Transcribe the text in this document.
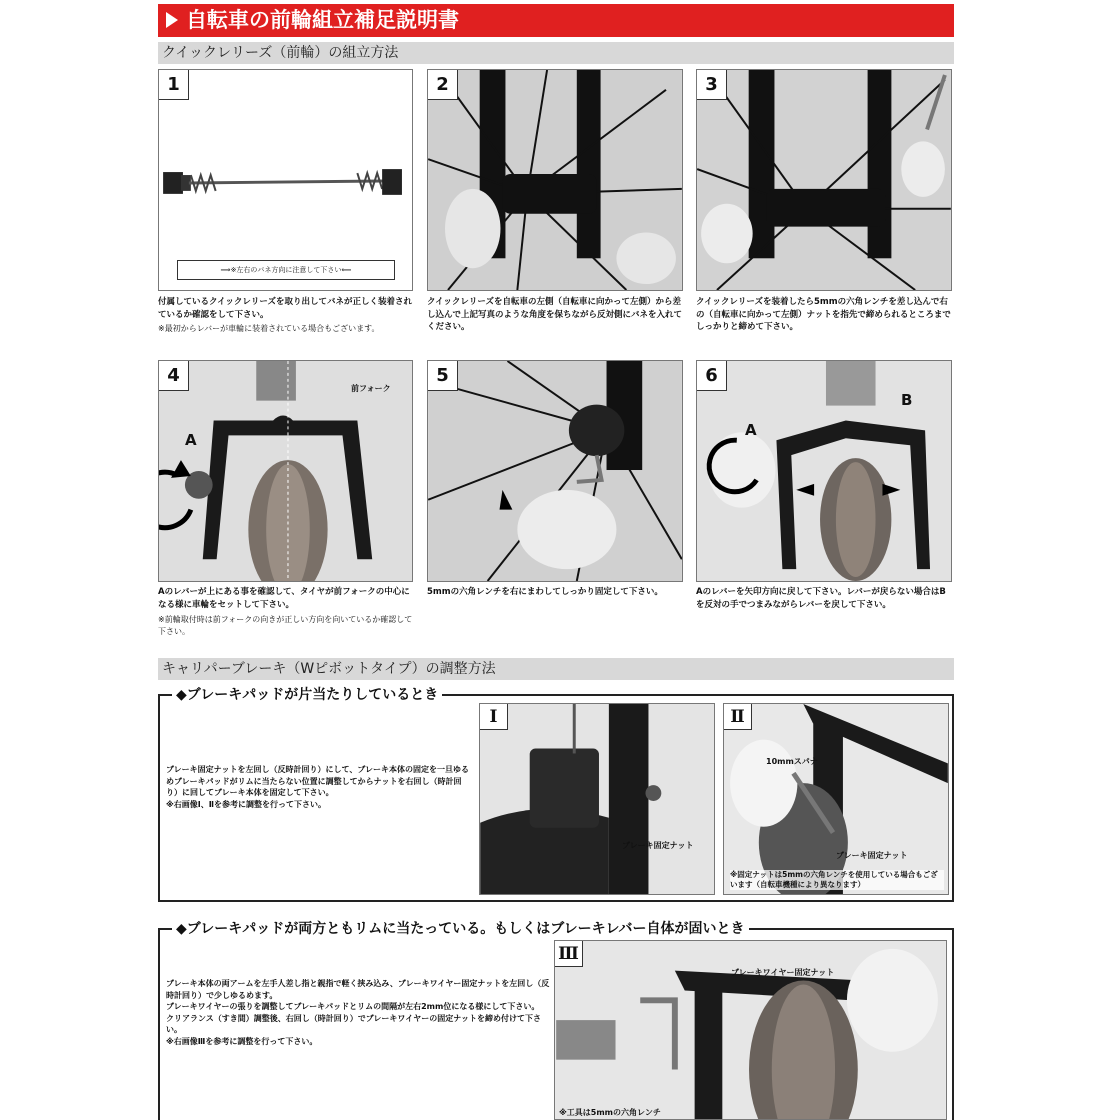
自転車の前輪組立補足説明書
クイックレリーズ（前輪）の組立方法
1
⟹※左右のバネ方向に注意して下さい⟸
付属しているクイックレリーズを取り出してバネが正しく装着されているか確認をして下さい。
※最初からレバーが車輪に装着されている場合もございます。
2
クイックレリーズを自転車の左側（自転車に向かって左側）から差し込んで上記写真のような角度を保ちながら反対側にバネを入れてください。
3
クイックレリーズを装着したら5mmの六角レンチを差し込んで右の（自転車に向かって左側）ナットを指先で締められるところまでしっかりと締めて下さい。
4
前フォーク
A
Aのレバーが上にある事を確認して、タイヤが前フォークの中心になる様に車輪をセットして下さい。
※前輪取付時は前フォークの向きが正しい方向を向いているか確認して下さい。
5
5mmの六角レンチを右にまわしてしっかり固定して下さい。
6
A
B
Aのレバーを矢印方向に戻して下さい。レバーが戻らない場合はBを反対の手でつまみながらレバーを戻して下さい。
キャリパーブレーキ（Wピボットタイプ）の調整方法
◆ブレーキパッドが片当たりしているとき
ブレーキ固定ナットを左回し（反時計回り）にして、ブレーキ本体の固定を一旦ゆるめブレーキパッドがリムに当たらない位置に調整してからナットを右回し（時計回り）に回してブレーキ本体を固定して下さい。
※右画像Ⅰ、Ⅱを参考に調整を行って下さい。
Ⅰ
ブレーキ固定ナット
Ⅱ
10mmスパナ
ブレーキ固定ナット
※固定ナットは5mmの六角レンチを使用している場合もございます（自転車機種により異なります）
◆ブレーキパッドが両方ともリムに当たっている。もしくはブレーキレバー自体が固いとき
ブレーキ本体の両アームを左手人差し指と親指で軽く挟み込み、ブレーキワイヤー固定ナットを左回し（反時計回り）で少しゆるめます。
ブレーキワイヤーの張りを調整してブレーキパッドとリムの間隔が左右2mm位になる様にして下さい。
クリアランス（すき間）調整後、右回し（時計回り）でブレーキワイヤーの固定ナットを締め付けて下さい。
※右画像Ⅲを参考に調整を行って下さい。
Ⅲ
ブレーキワイヤー固定ナット
※工具は5mmの六角レンチ
